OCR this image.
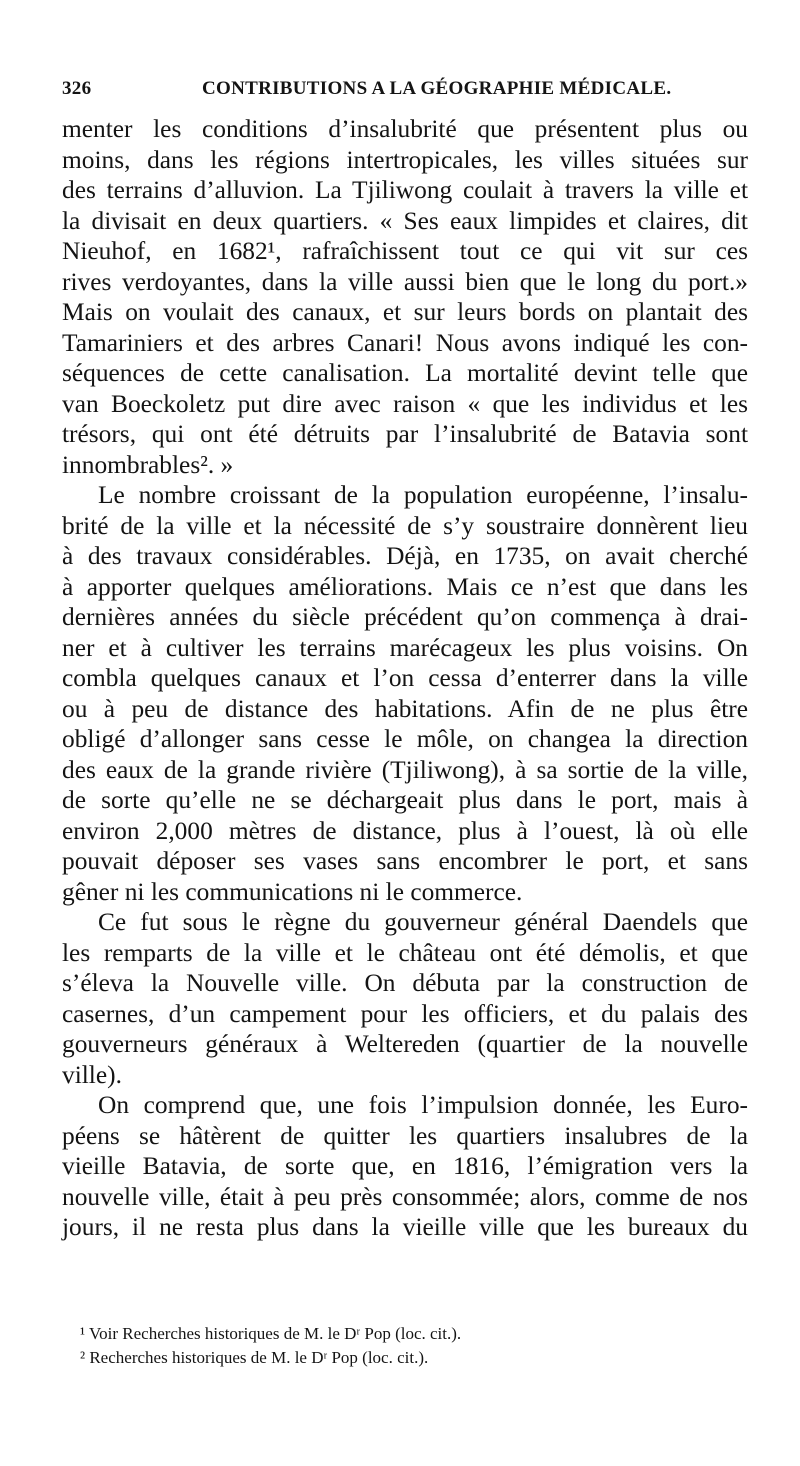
326	CONTRIBUTIONS A LA GÉOGRAPHIE MÉDICALE.
menter les conditions d’insalubrité que présentent plus ou
moins, dans les régions intertropicales, les villes situées sur
des terrains d’alluvion. La Tjiliwong coulait à travers la ville et
la divisait en deux quartiers. « Ses eaux limpides et claires, dit
Nieuhof, en 1682¹, rafraîchissent tout ce qui vit sur ces
rives verdoyantes, dans la ville aussi bien que le long du port.»
Mais on voulait des canaux, et sur leurs bords on plantait des
Tamariniers et des arbres Canari! Nous avons indiqué les con-
séquences de cette canalisation. La mortalité devint telle que
van Boeckoletz put dire avec raison « que les individus et les
trésors, qui ont été détruits par l’insalubrité de Batavia sont
innombrables². »
Le nombre croissant de la population européenne, l’insalu-
brité de la ville et la nécessité de s’y soustraire donnèrent lieu
à des travaux considérables. Déjà, en 1735, on avait cherché
à apporter quelques améliorations. Mais ce n’est que dans les
dernières années du siècle précédent qu’on commença à drai-
ner et à cultiver les terrains marécageux les plus voisins. On
combla quelques canaux et l’on cessa d’enterrer dans la ville
ou à peu de distance des habitations. Afin de ne plus être
obligé d’allonger sans cesse le môle, on changea la direction
des eaux de la grande rivière (Tjiliwong), à sa sortie de la ville,
de sorte qu’elle ne se déchargeait plus dans le port, mais à
environ 2,000 mètres de distance, plus à l’ouest, là où elle
pouvait déposer ses vases sans encombrer le port, et sans
gêner ni les communications ni le commerce.
Ce fut sous le règne du gouverneur général Daendels que
les remparts de la ville et le château ont été démolis, et que
s’éleva la Nouvelle ville. On débuta par la construction de
casernes, d’un campement pour les officiers, et du palais des
gouverneurs généraux à Weltereden (quartier de la nouvelle
ville).
On comprend que, une fois l’impulsion donnée, les Euro-
péens se hâtèrent de quitter les quartiers insalubres de la
vieille Batavia, de sorte que, en 1816, l’émigration vers la
nouvelle ville, était à peu près consommée; alors, comme de nos
jours, il ne resta plus dans la vieille ville que les bureaux du
¹ Voir Recherches historiques de M. le Dʳ Pop (loc. cit.).
² Recherches historiques de M. le Dʳ Pop (loc. cit.).
